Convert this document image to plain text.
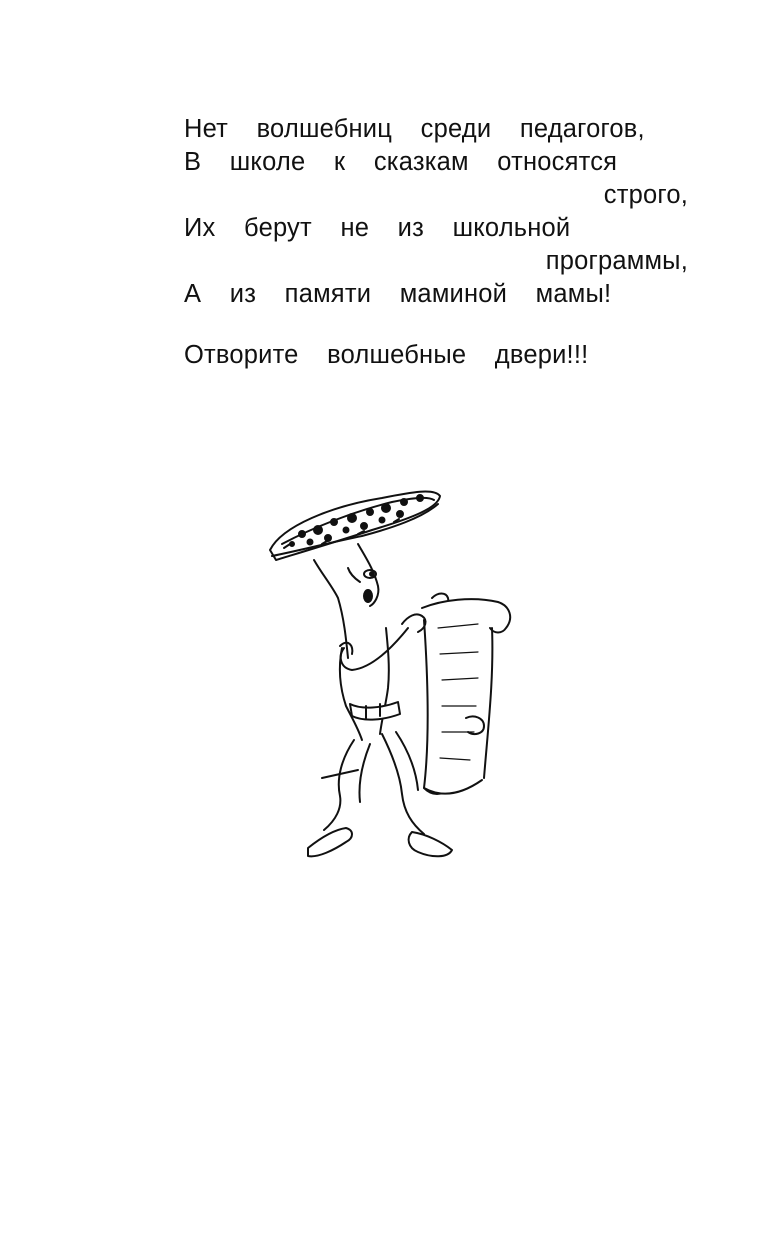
Нет  волшебниц  среди  педагогов,
В  школе  к  сказкам  относятся
строго,
Их  берут  не  из  школьной
программы,
А  из  памяти  маминой  мамы!
Отворите  волшебные  двери!!!
